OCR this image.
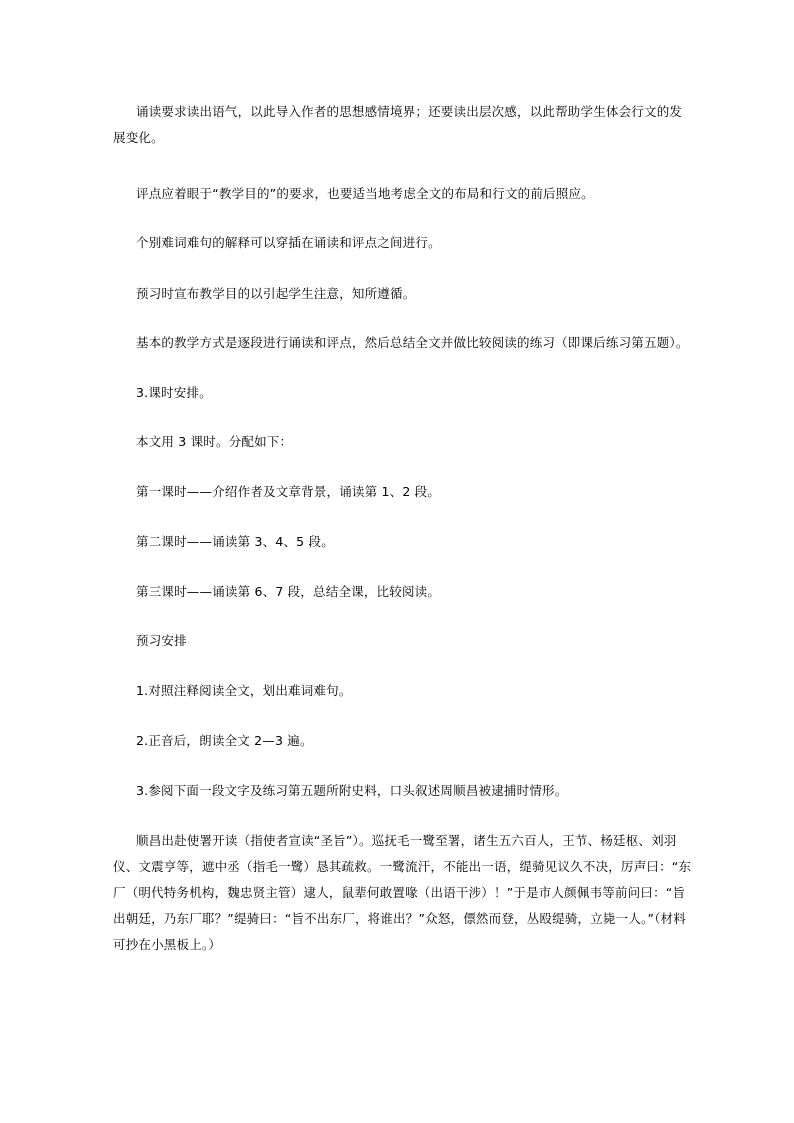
诵读要求读出语气，以此导入作者的思想感情境界；还要读出层次感，以此帮助学生体会行文的发展变化。

评点应着眼于“教学目的”的要求，也要适当地考虑全文的布局和行文的前后照应。

个别难词难句的解释可以穿插在诵读和评点之间进行。

预习时宣布教学目的以引起学生注意，知所遵循。

基本的教学方式是逐段进行诵读和评点，然后总结全文并做比较阅读的练习（即课后练习第五题）。

3.课时安排。

本文用 3 课时。分配如下：

第一课时——介绍作者及文章背景，诵读第 1、2 段。

第二课时——诵读第 3、4、5 段。

第三课时——诵读第 6、7 段，总结全课，比较阅读。

预习安排

1.对照注释阅读全文，划出难词难句。

2.正音后，朗读全文 2—3 遍。

3.参阅下面一段文字及练习第五题所附史料，口头叙述周顺昌被逮捕时情形。

顺昌出赴使署开读（指使者宣读“圣旨”）。巡抚毛一鹭至署，诸生五六百人，王节、杨廷枢、刘羽仪、文震亨等，遮中丞（指毛一鹭）恳其疏救。一鹭流汗，不能出一语，缇骑见议久不决，厉声曰：“东厂（明代特务机构，魏忠贤主管）逮人，鼠辈何敢置喙（出语干涉）！”于是市人颜佩韦等前问曰：“旨出朝廷，乃东厂耶？”缇骑曰：“旨不出东厂，将谁出？”众怒，僄然而登，丛殴缇骑，立毙一人。”（材料可抄在小黑板上。）
